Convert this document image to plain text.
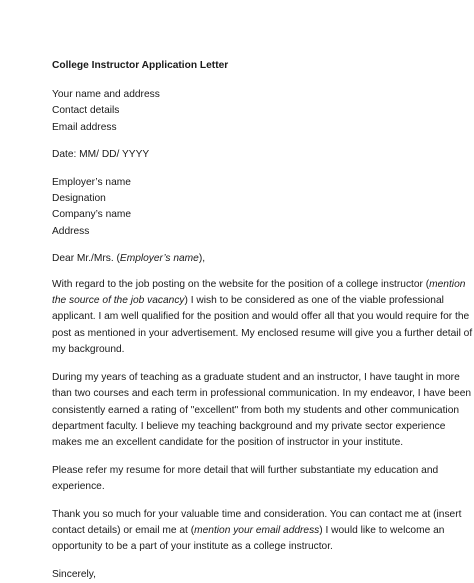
College Instructor Application Letter
Your name and address
Contact details
Email address
Date: MM/ DD/ YYYY
Employer’s name
Designation
Company’s name
Address
Dear Mr./Mrs. (Employer’s name),
With regard to the job posting on the website for the position of a college instructor (mention
the source of the job vacancy) I wish to be considered as one of the viable professional
applicant. I am well qualified for the position and would offer all that you would require for the
post as mentioned in your advertisement. My enclosed resume will give you a further detail of
my background.
During my years of teaching as a graduate student and an instructor, I have taught in more
than two courses and each term in professional communication. In my endeavor, I have been
consistently earned a rating of "excellent" from both my students and other communication
department faculty. I believe my teaching background and my private sector experience
makes me an excellent candidate for the position of instructor in your institute.
Please refer my resume for more detail that will further substantiate my education and
experience.
Thank you so much for your valuable time and consideration. You can contact me at (insert
contact details) or email me at (mention your email address) I would like to welcome an
opportunity to be a part of your institute as a college instructor.
Sincerely,
